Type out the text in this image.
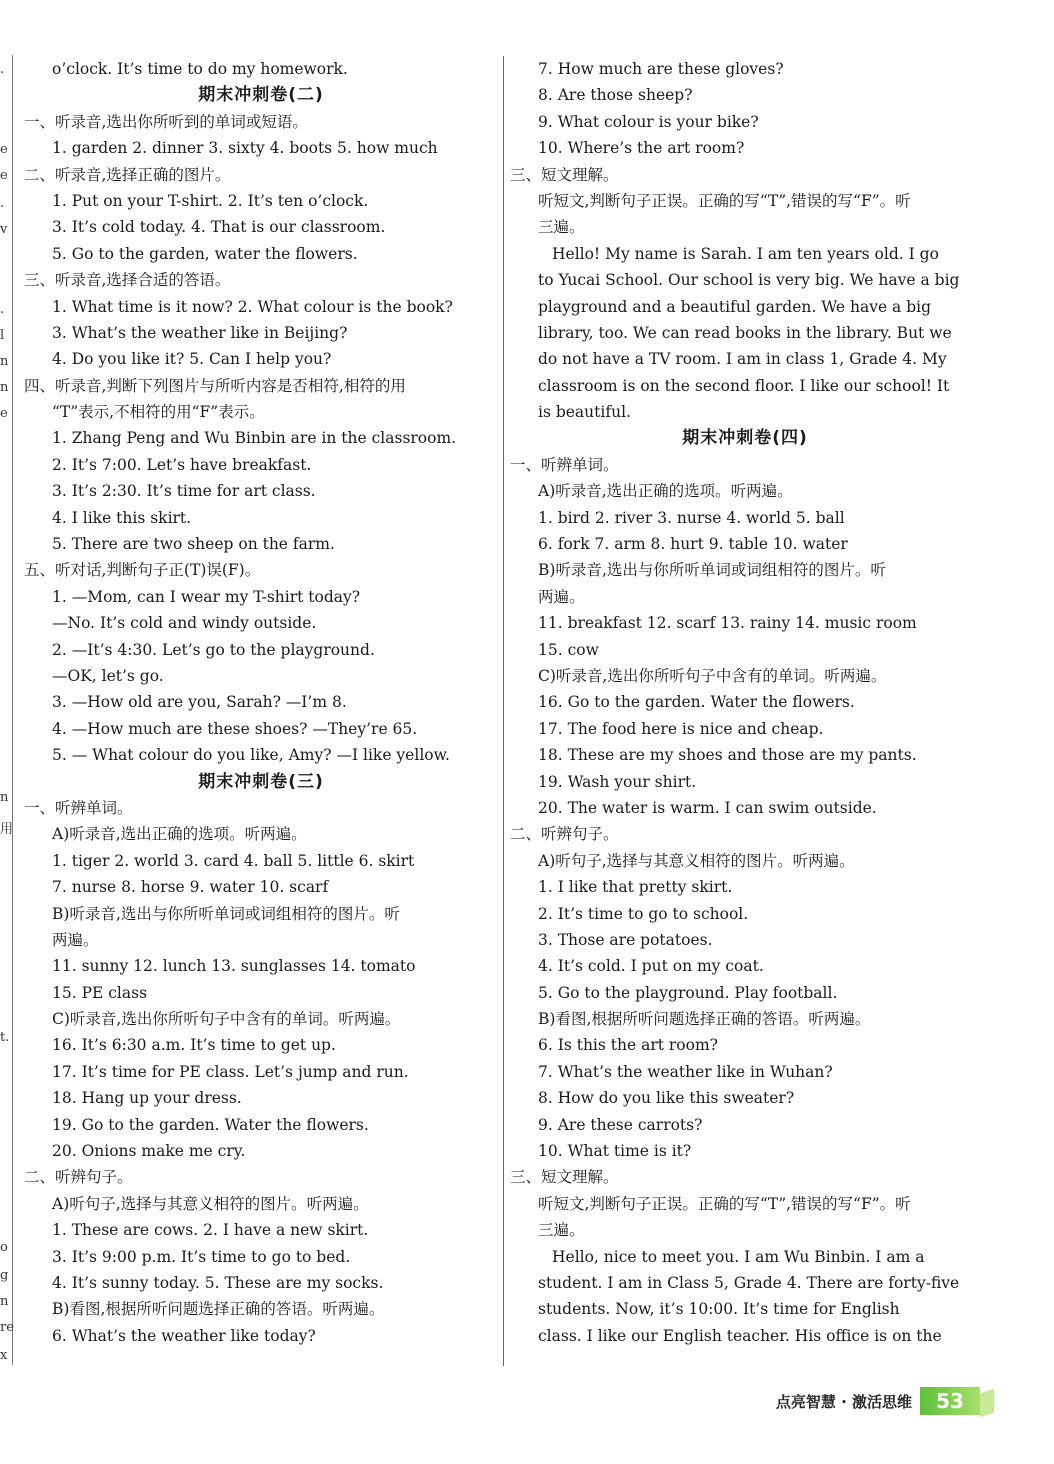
.
e
e
.
v
.
l
n
n
e
n
用
t.
o
g
n
re
x
o’clock. It’s time to do my homework.
期末冲刺卷(二)
一、听录音,选出你所听到的单词或短语。
1. garden 2. dinner 3. sixty 4. boots 5. how much
二、听录音,选择正确的图片。
1. Put on your T-shirt. 2. It’s ten o’clock.
3. It’s cold today. 4. That is our classroom.
5. Go to the garden, water the flowers.
三、听录音,选择合适的答语。
1. What time is it now? 2. What colour is the book?
3. What’s the weather like in Beijing?
4. Do you like it? 5. Can I help you?
四、听录音,判断下列图片与所听内容是否相符,相符的用
“T”表示,不相符的用“F”表示。
1. Zhang Peng and Wu Binbin are in the classroom.
2. It’s 7:00. Let’s have breakfast.
3. It’s 2:30. It’s time for art class.
4. I like this skirt.
5. There are two sheep on the farm.
五、听对话,判断句子正(T)误(F)。
1. —Mom, can I wear my T-shirt today?
—No. It’s cold and windy outside.
2. —It’s 4:30. Let’s go to the playground.
—OK, let’s go.
3. —How old are you, Sarah? —I’m 8.
4. —How much are these shoes? —They’re 65.
5. — What colour do you like, Amy? —I like yellow.
期末冲刺卷(三)
一、听辨单词。
A)听录音,选出正确的选项。听两遍。
1. tiger 2. world 3. card 4. ball 5. little 6. skirt
7. nurse 8. horse 9. water 10. scarf
B)听录音,选出与你所听单词或词组相符的图片。听
两遍。
11. sunny 12. lunch 13. sunglasses 14. tomato
15. PE class
C)听录音,选出你所听句子中含有的单词。听两遍。
16. It’s 6:30 a.m. It’s time to get up.
17. It’s time for PE class. Let’s jump and run.
18. Hang up your dress.
19. Go to the garden. Water the flowers.
20. Onions make me cry.
二、听辨句子。
A)听句子,选择与其意义相符的图片。听两遍。
1. These are cows. 2. I have a new skirt.
3. It’s 9:00 p.m. It’s time to go to bed.
4. It’s sunny today. 5. These are my socks.
B)看图,根据所听问题选择正确的答语。听两遍。
6. What’s the weather like today?
7. How much are these gloves?
8. Are those sheep?
9. What colour is your bike?
10. Where’s the art room?
三、短文理解。
听短文,判断句子正误。正确的写“T”,错误的写“F”。听
三遍。
Hello! My name is Sarah. I am ten years old. I go
to Yucai School. Our school is very big. We have a big
playground and a beautiful garden. We have a big
library, too. We can read books in the library. But we
do not have a TV room. I am in class 1, Grade 4. My
classroom is on the second floor. I like our school! It
is beautiful.
期末冲刺卷(四)
一、听辨单词。
A)听录音,选出正确的选项。听两遍。
1. bird 2. river 3. nurse 4. world 5. ball
6. fork 7. arm 8. hurt 9. table 10. water
B)听录音,选出与你所听单词或词组相符的图片。听
两遍。
11. breakfast 12. scarf 13. rainy 14. music room
15. cow
C)听录音,选出你所听句子中含有的单词。听两遍。
16. Go to the garden. Water the flowers.
17. The food here is nice and cheap.
18. These are my shoes and those are my pants.
19. Wash your shirt.
20. The water is warm. I can swim outside.
二、听辨句子。
A)听句子,选择与其意义相符的图片。听两遍。
1. I like that pretty skirt.
2. It’s time to go to school.
3. Those are potatoes.
4. It’s cold. I put on my coat.
5. Go to the playground. Play football.
B)看图,根据所听问题选择正确的答语。听两遍。
6. Is this the art room?
7. What’s the weather like in Wuhan?
8. How do you like this sweater?
9. Are these carrots?
10. What time is it?
三、短文理解。
听短文,判断句子正误。正确的写“T”,错误的写“F”。听
三遍。
Hello, nice to meet you. I am Wu Binbin. I am a
student. I am in Class 5, Grade 4. There are forty-five
students. Now, it’s 10:00. It’s time for English
class. I like our English teacher. His office is on the
点亮智慧 · 激活思维	53
